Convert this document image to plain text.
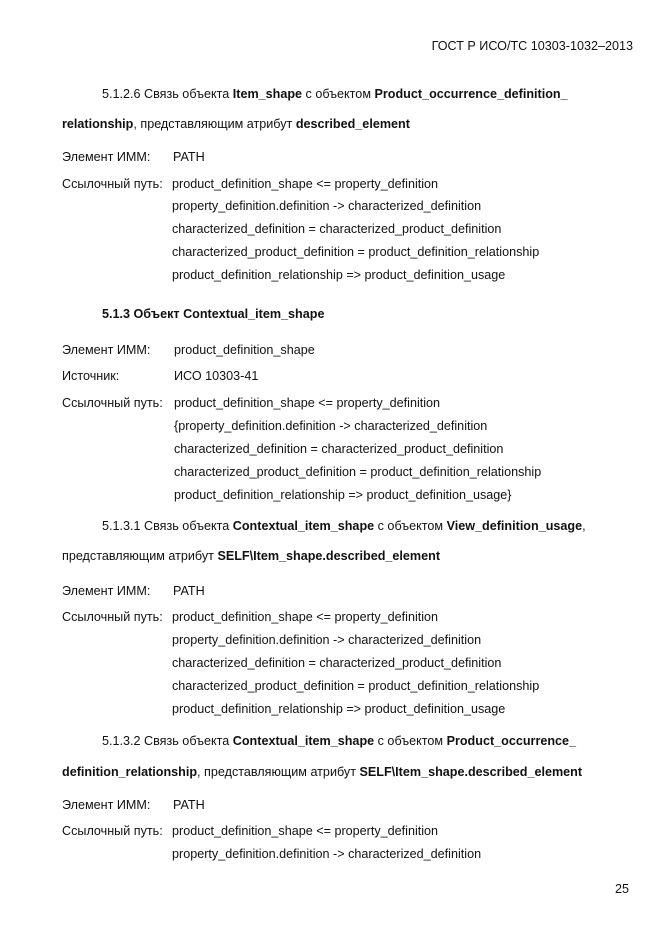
ГОСТ Р ИСО/ТС 10303-1032–2013
5.1.2.6 Связь объекта Item_shape с объектом Product_occurrence_definition_
relationship, представляющим атрибут described_element
Элемент ИММ: PATH
Ссылочный путь: product_definition_shape <= property_definition
property_definition.definition -> characterized_definition
characterized_definition = characterized_product_definition
characterized_product_definition = product_definition_relationship
product_definition_relationship => product_definition_usage
5.1.3 Объект Contextual_item_shape
Элемент ИММ: product_definition_shape
Источник:	ИСО 10303-41
Ссылочный путь: product_definition_shape <= property_definition
{property_definition.definition -> characterized_definition
characterized_definition = characterized_product_definition
characterized_product_definition = product_definition_relationship
product_definition_relationship => product_definition_usage}
5.1.3.1 Связь объекта Contextual_item_shape с объектом View_definition_usage,
представляющим атрибут SELF\Item_shape.described_element
Элемент ИММ: PATH
Ссылочный путь: product_definition_shape <= property_definition
property_definition.definition -> characterized_definition
characterized_definition = characterized_product_definition
characterized_product_definition = product_definition_relationship
product_definition_relationship => product_definition_usage
5.1.3.2 Связь объекта Contextual_item_shape с объектом Product_occurrence_
definition_relationship, представляющим атрибут SELF\Item_shape.described_element
Элемент ИММ: PATH
Ссылочный путь: product_definition_shape <= property_definition
property_definition.definition -> characterized_definition
25
